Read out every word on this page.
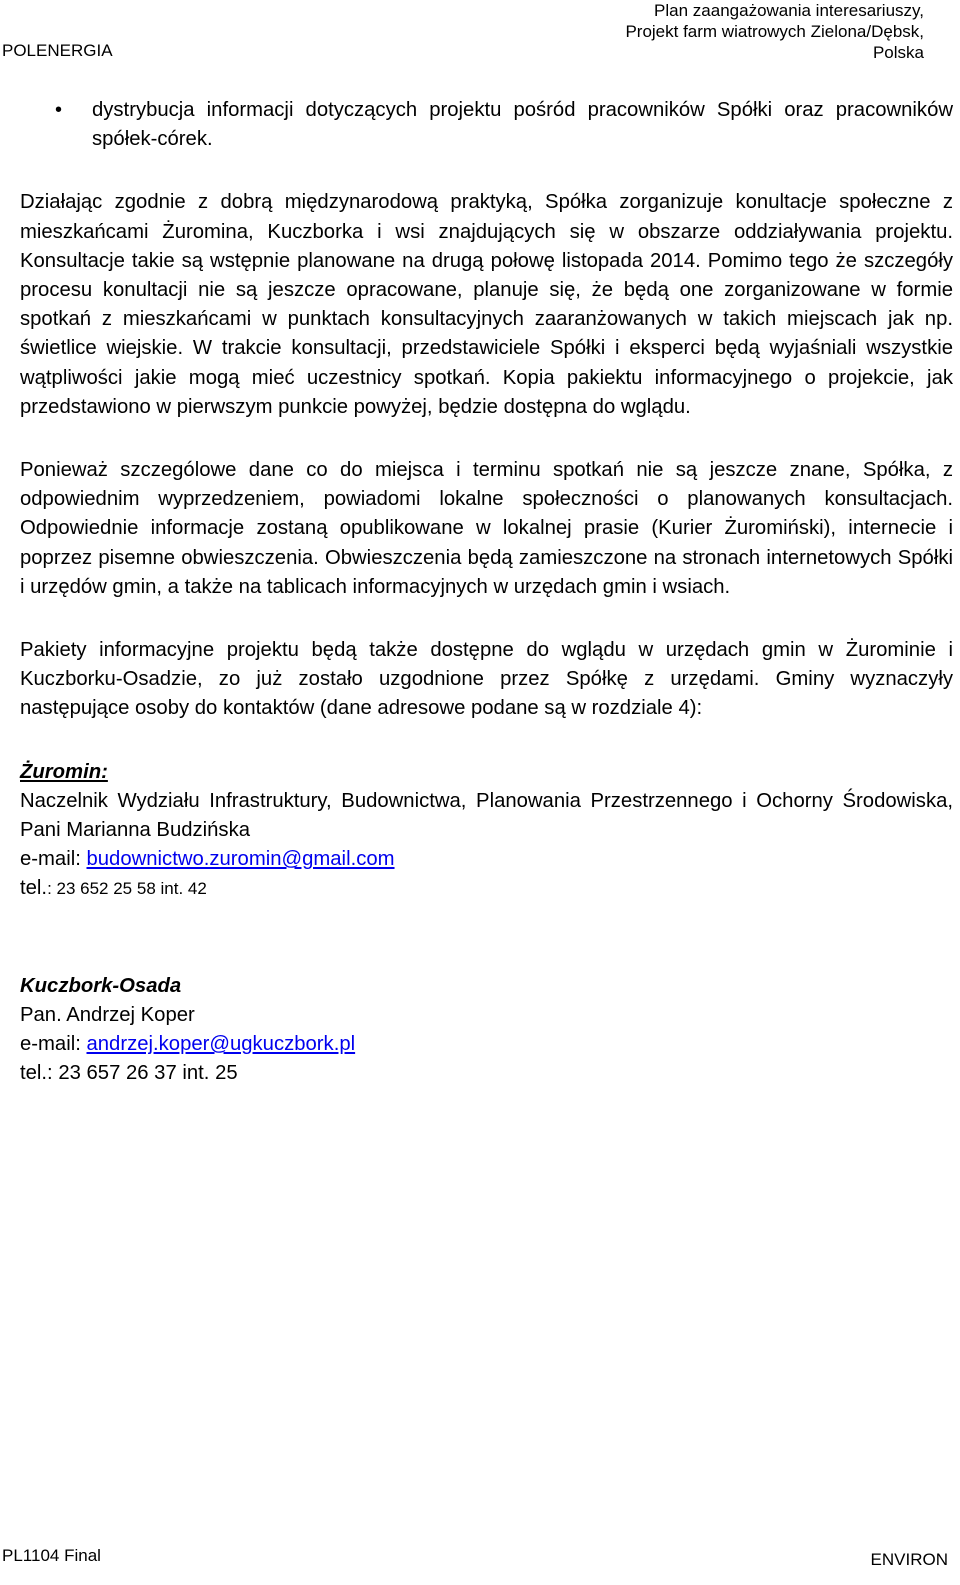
POLENERGIA
Plan zaangażowania interesariuszy,
Projekt farm wiatrowych Zielona/Dębsk,
Polska
• dystrybucja informacji dotyczących projektu pośród pracowników Spółki oraz pracowników spółek-córek.

Działając zgodnie z dobrą międzynarodową praktyką, Spółka zorganizuje konultacje społeczne z mieszkańcami Żuromina, Kuczborka i wsi znajdujących się w obszarze oddziaływania projektu. Konsultacje takie są wstępnie planowane na drugą połowę listopada 2014. Pomimo tego że szczegóły procesu konultacji nie są jeszcze opracowane, planuje się, że będą one zorganizowane w formie spotkań z mieszkańcami w punktach konsultacyjnych zaaranżowanych w takich miejscach jak np. świetlice wiejskie. W trakcie konsultacji, przedstawiciele Spółki i eksperci będą wyjaśniali wszystkie wątpliwości jakie mogą mieć uczestnicy spotkań. Kopia pakiektu informacyjnego o projekcie, jak przedstawiono w pierwszym punkcie powyżej, będzie dostępna do wglądu.

Ponieważ szczególowe dane co do miejsca i terminu spotkań nie są jeszcze znane, Spółka, z odpowiednim wyprzedzeniem, powiadomi lokalne społeczności o planowanych konsultacjach. Odpowiednie informacje zostaną opublikowane w lokalnej prasie (Kurier Żuromiński), internecie i poprzez pisemne obwieszczenia. Obwieszczenia będą zamieszczone na stronach internetowych Spółki i urzędów gmin, a także na tablicach informacyjnych w urzędach gmin i wsiach.

Pakiety informacyjne projektu będą także dostępne do wglądu w urzędach gmin w Żurominie i Kuczborku-Osadzie, zo już zostało uzgodnione przez Spółkę z urzędami. Gminy wyznaczyły następujące osoby do kontaktów (dane adresowe podane są w rozdziale 4):

Żuromin:

Naczelnik Wydziału Infrastruktury, Budownictwa, Planowania Przestrzennego i Ochorny Środowiska, Pani Marianna Budzińska

e-mail: budownictwo.zuromin@gmail.com

tel.: 23 652 25 58 int. 42

Kuczbork-Osada

Pan. Andrzej Koper

e-mail: andrzej.koper@ugkuczbork.pl

tel.: 23 657 26 37 int. 25

PL1104 Final	ENVIRON
